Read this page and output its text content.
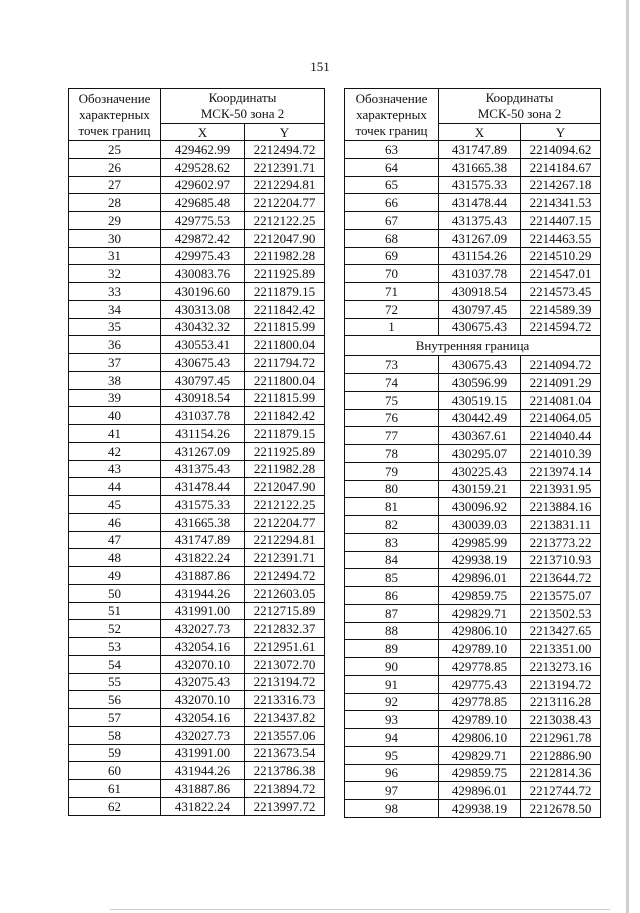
151
Обозначение
характерных
точек границ	Координаты
МСК-50 зона 2	

	X	Y
25	429462.99	2212494.72
26	429528.62	2212391.71
27	429602.97	2212294.81
28	429685.48	2212204.77
29	429775.53	2212122.25
30	429872.42	2212047.90
31	429975.43	2211982.28
32	430083.76	2211925.89
33	430196.60	2211879.15
34	430313.08	2211842.42
35	430432.32	2211815.99
36	430553.41	2211800.04
37	430675.43	2211794.72
38	430797.45	2211800.04
39	430918.54	2211815.99
40	431037.78	2211842.42
41	431154.26	2211879.15
42	431267.09	2211925.89
43	431375.43	2211982.28
44	431478.44	2212047.90
45	431575.33	2212122.25
46	431665.38	2212204.77
47	431747.89	2212294.81
48	431822.24	2212391.71
49	431887.86	2212494.72
50	431944.26	2212603.05
51	431991.00	2212715.89
52	432027.73	2212832.37
53	432054.16	2212951.61
54	432070.10	2213072.70
55	432075.43	2213194.72
56	432070.10	2213316.73
57	432054.16	2213437.82
58	432027.73	2213557.06
59	431991.00	2213673.54
60	431944.26	2213786.38
61	431887.86	2213894.72
62	431822.24	2213997.72
Обозначение
характерных
точек границ	Координаты
МСК-50 зона 2	

	X	Y
63	431747.89	2214094.62
64	431665.38	2214184.67
65	431575.33	2214267.18
66	431478.44	2214341.53
67	431375.43	2214407.15
68	431267.09	2214463.55
69	431154.26	2214510.29
70	431037.78	2214547.01
71	430918.54	2214573.45
72	430797.45	2214589.39
1	430675.43	2214594.72
Внутренняя граница		
73	430675.43	2214094.72
74	430596.99	2214091.29
75	430519.15	2214081.04
76	430442.49	2214064.05
77	430367.61	2214040.44
78	430295.07	2214010.39
79	430225.43	2213974.14
80	430159.21	2213931.95
81	430096.92	2213884.16
82	430039.03	2213831.11
83	429985.99	2213773.22
84	429938.19	2213710.93
85	429896.01	2213644.72
86	429859.75	2213575.07
87	429829.71	2213502.53
88	429806.10	2213427.65
89	429789.10	2213351.00
90	429778.85	2213273.16
91	429775.43	2213194.72
92	429778.85	2213116.28
93	429789.10	2213038.43
94	429806.10	2212961.78
95	429829.71	2212886.90
96	429859.75	2212814.36
97	429896.01	2212744.72
98	429938.19	2212678.50
